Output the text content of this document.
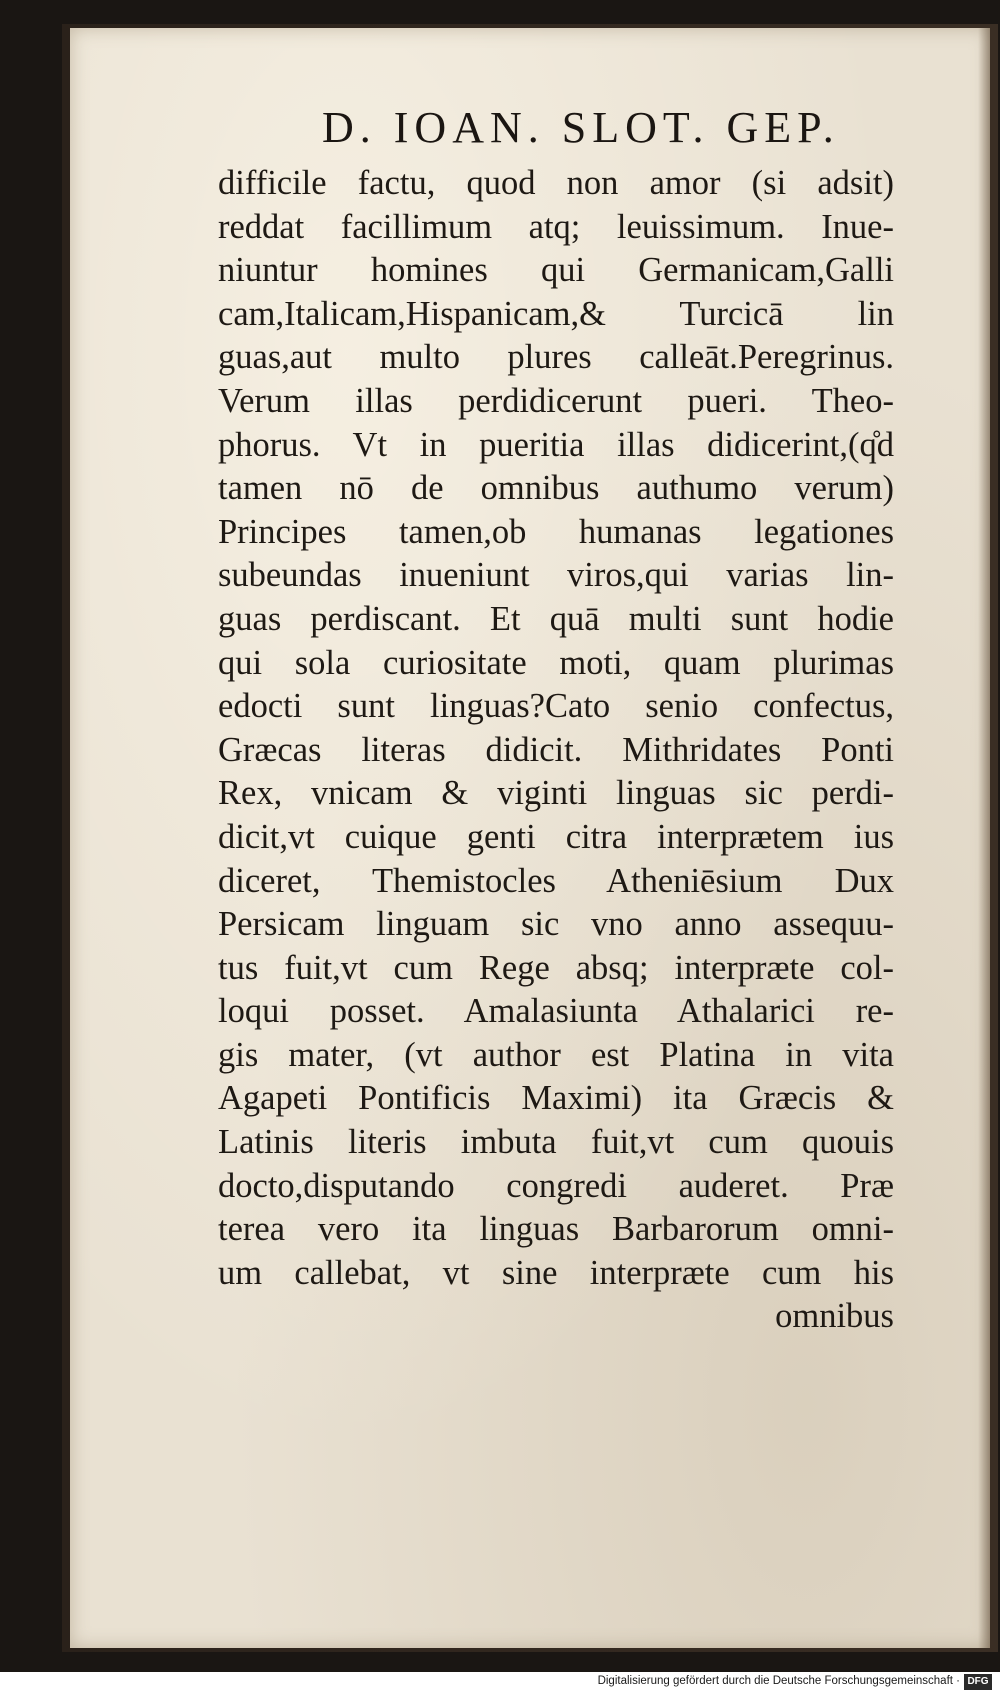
D. IOAN. SLOT. GEP.
difficile factu, quod non amor (si adsit)
reddat facillimum atq; leuissimum. Inue-
niuntur homines qui Germanicam,Galli
cam,Italicam,Hispanicam,& Turcicā lin
guas,aut multo plures calleāt.Peregrinus.
Verum illas perdidicerunt pueri. Theo-
phorus. Vt in pueritia illas didicerint,(q̊d
tamen nō de omnibus authumo verum)
Principes tamen,ob humanas legationes
subeundas inueniunt viros,qui varias lin-
guas perdiscant. Et quā multi sunt hodie
qui sola curiositate moti, quam plurimas
edocti sunt linguas?Cato senio confectus,
Græcas literas didicit. Mithridates Ponti
Rex, vnicam & viginti linguas sic perdi-
dicit,vt cuique genti citra interprætem ius
diceret, Themistocles Atheniēsium Dux
Persicam linguam sic vno anno assequu-
tus fuit,vt cum Rege absq; interpræte col-
loqui posset. Amalasiunta Athalarici re-
gis mater, (vt author est Platina in vita
Agapeti Pontificis Maximi) ita Græcis &
Latinis literis imbuta fuit,vt cum quouis
docto,disputando congredi auderet. Præ
terea vero ita linguas Barbarorum omni-
um callebat, vt sine interpræte cum his
omnibus
Digitalisierung gefördert durch die Deutsche Forschungsgemeinschaft · DFG
